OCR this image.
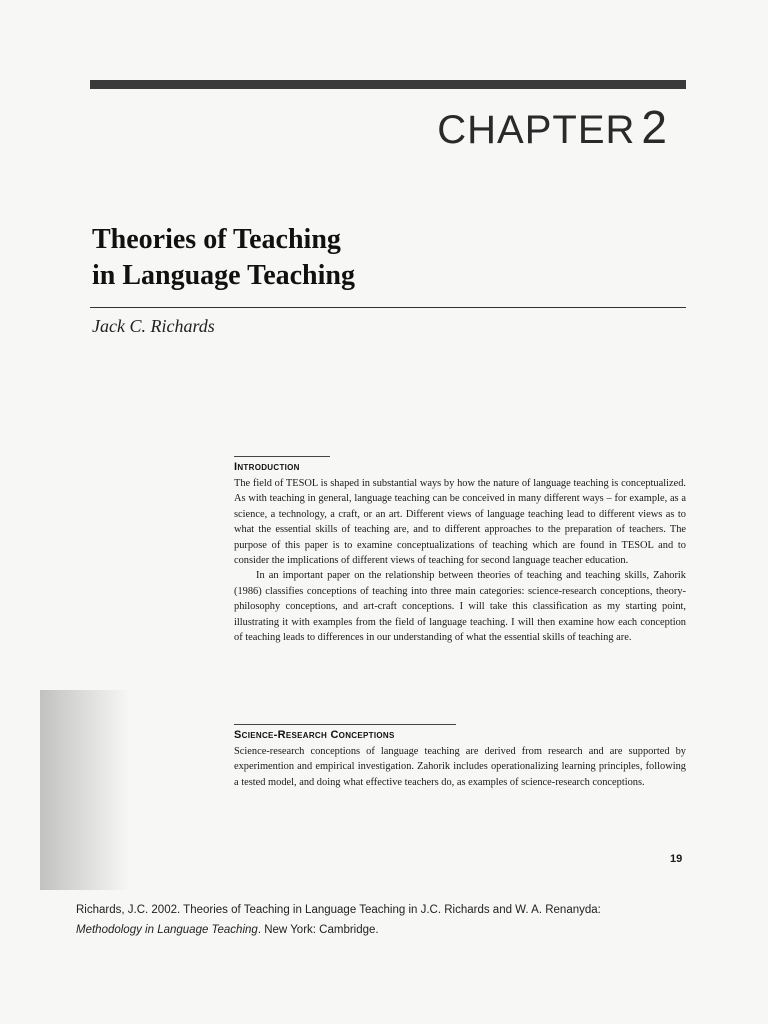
CHAPTER 2
Theories of Teaching
in Language Teaching
Jack C. Richards
Introduction

The field of TESOL is shaped in substantial ways by how the nature of language teaching is conceptualized. As with teaching in general, language teaching can be conceived in many different ways – for example, as a science, a technology, a craft, or an art. Different views of language teaching lead to different views as to what the essential skills of teaching are, and to different approaches to the preparation of teachers. The purpose of this paper is to examine conceptualizations of teaching which are found in TESOL and to consider the implications of different views of teaching for second language teacher education.

In an important paper on the relationship between theories of teaching and teaching skills, Zahorik (1986) classifies conceptions of teaching into three main categories: science-research conceptions, theory-philosophy conceptions, and art-craft conceptions. I will take this classification as my starting point, illustrating it with examples from the field of language teaching. I will then examine how each conception of teaching leads to differences in our understanding of what the essential skills of teaching are.

Science-Research Conceptions

Science-research conceptions of language teaching are derived from research and are supported by experimention and empirical investigation. Zahorik includes operationalizing learning principles, following a tested model, and doing what effective teachers do, as examples of science-research conceptions.

19
Richards, J.C. 2002. Theories of Teaching in Language Teaching in J.C. Richards and W. A. Renanyda:
Methodology in Language Teaching. New York: Cambridge.
